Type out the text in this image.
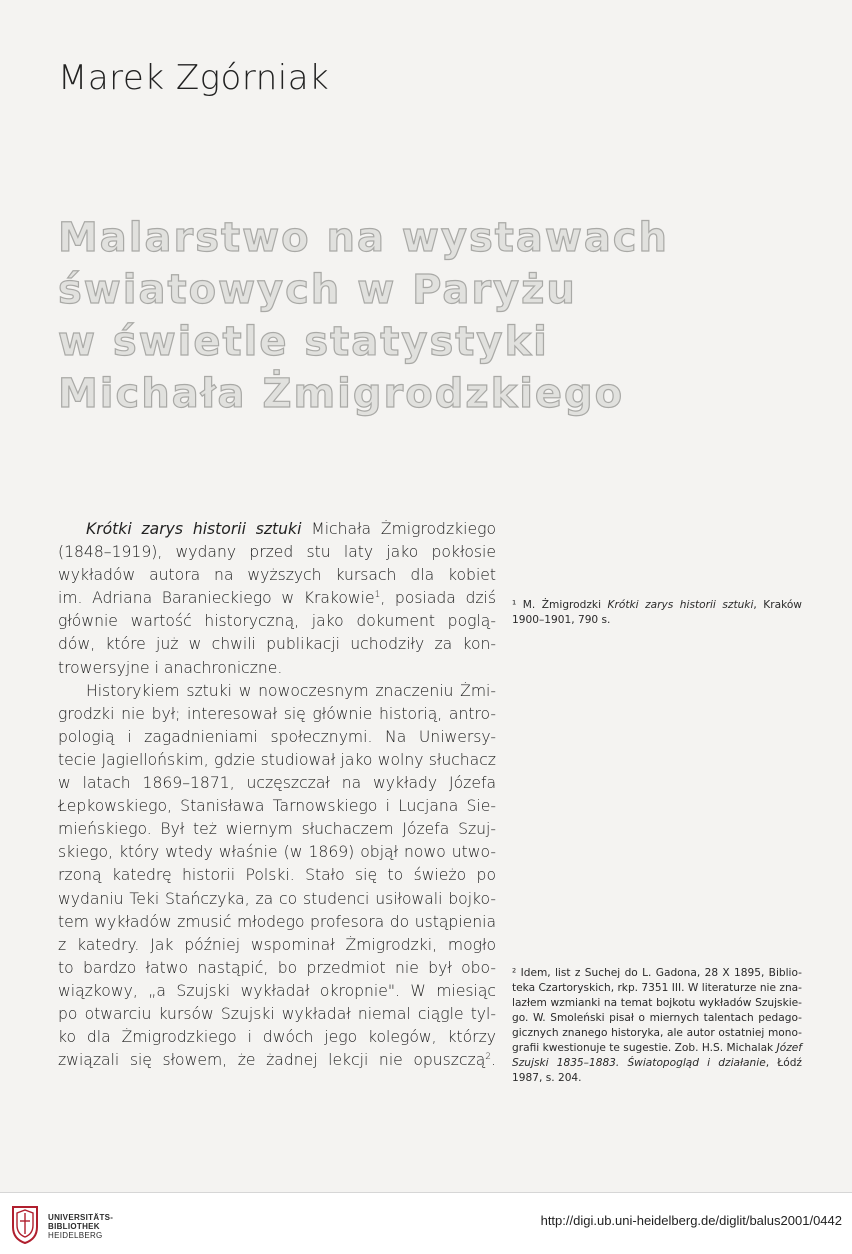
Marek Zgórniak
Malarstwo na wystawach
światowych w Paryżu
w świetle statystyki
Michała Żmigrodzkiego
Krótki zarys historii sztuki Michała Żmigrodzkiego
(1848–1919), wydany przed stu laty jako pokłosie
wykładów autora na wyższych kursach dla kobiet
im. Adriana Baranieckiego w Krakowie$^1$, posiada dziś
głównie wartość historyczną, jako dokument poglą-
dów, które już w chwili publikacji uchodziły za kon-
trowersyjne i anachroniczne.
Historykiem sztuki w nowoczesnym znaczeniu Żmi-
grodzki nie był; interesował się głównie historią, antro-
pologią i zagadnieniami społecznymi. Na Uniwersy-
tecie Jagiellońskim, gdzie studiował jako wolny słuchacz
w latach 1869–1871, uczęszczał na wykłady Józefa
Łepkowskiego, Stanisława Tarnowskiego i Lucjana Sie-
mieńskiego. Był też wiernym słuchaczem Józefa Szuj-
skiego, który wtedy właśnie (w 1869) objął nowo utwo-
rzoną katedrę historii Polski. Stało się to świeżo po
wydaniu Teki Stańczyka, za co studenci usiłowali bojko-
tem wykładów zmusić młodego profesora do ustąpienia
z katedry. Jak później wspominał Żmigrodzki, mogło
to bardzo łatwo nastąpić, bo przedmiot nie był obo-
wiązkowy, „a Szujski wykładał okropnie". W miesiąc
po otwarciu kursów Szujski wykładał niemal ciągle tyl-
ko dla Żmigrodzkiego i dwóch jego kolegów, którzy
związali się słowem, że żadnej lekcji nie opuszczą$^2$.
¹ M. Żmigrodzki Krótki zarys historii sztuki, Kraków
1900–1901, 790 s.
² Idem, list z Suchej do L. Gadona, 28 X 1895, Biblio-
teka Czartoryskich, rkp. 7351 III. W literaturze nie zna-
lazłem wzmianki na temat bojkotu wykładów Szujskie-
go. W. Smoleński pisał o miernych talentach pedago-
gicznych znanego historyka, ale autor ostatniej mono-
grafii kwestionuje te sugestie. Zob. H.S. Michalak Józef
Szujski 1835–1883. Światopogląd i działanie, Łódź
1987, s. 204.
UNIVERSITÄTS-
BIBLIOTHEK
HEIDELBERG
http://digi.ub.uni-heidelberg.de/diglit/balus2001/0442
